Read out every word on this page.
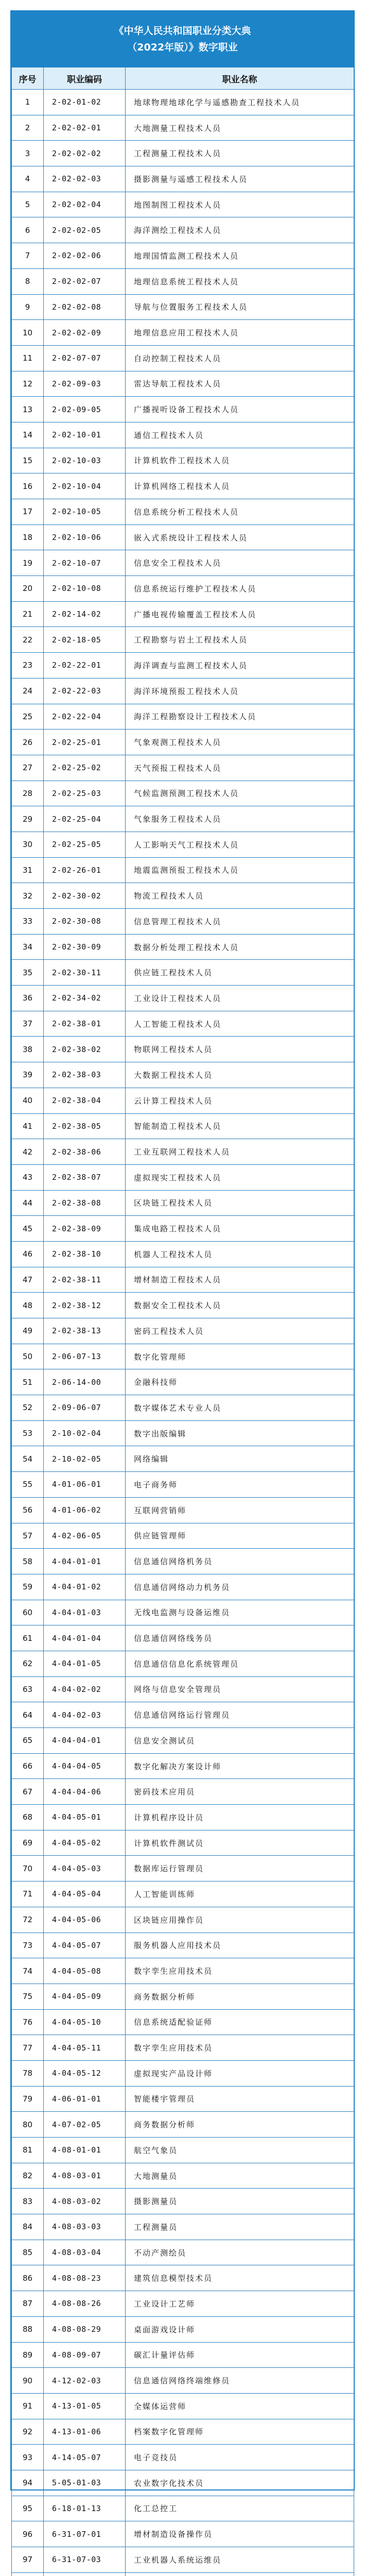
《中华人民共和国职业分类大典
（2022年版）》数字职业
序号	职业编码	职业名称
1	2-02-01-02	地球物理地球化学与遥感勘查工程技术人员
2	2-02-02-01	大地测量工程技术人员
3	2-02-02-02	工程测量工程技术人员
4	2-02-02-03	摄影测量与遥感工程技术人员
5	2-02-02-04	地图制图工程技术人员
6	2-02-02-05	海洋测绘工程技术人员
7	2-02-02-06	地理国情监测工程技术人员
8	2-02-02-07	地理信息系统工程技术人员
9	2-02-02-08	导航与位置服务工程技术人员
10	2-02-02-09	地理信息应用工程技术人员
11	2-02-07-07	自动控制工程技术人员
12	2-02-09-03	雷达导航工程技术人员
13	2-02-09-05	广播视听设备工程技术人员
14	2-02-10-01	通信工程技术人员
15	2-02-10-03	计算机软件工程技术人员
16	2-02-10-04	计算机网络工程技术人员
17	2-02-10-05	信息系统分析工程技术人员
18	2-02-10-06	嵌入式系统设计工程技术人员
19	2-02-10-07	信息安全工程技术人员
20	2-02-10-08	信息系统运行维护工程技术人员
21	2-02-14-02	广播电视传输覆盖工程技术人员
22	2-02-18-05	工程勘察与岩土工程技术人员
23	2-02-22-01	海洋调查与监测工程技术人员
24	2-02-22-03	海洋环境预报工程技术人员
25	2-02-22-04	海洋工程勘察设计工程技术人员
26	2-02-25-01	气象观测工程技术人员
27	2-02-25-02	天气预报工程技术人员
28	2-02-25-03	气候监测预测工程技术人员
29	2-02-25-04	气象服务工程技术人员
30	2-02-25-05	人工影响天气工程技术人员
31	2-02-26-01	地震监测预报工程技术人员
32	2-02-30-02	物流工程技术人员
33	2-02-30-08	信息管理工程技术人员
34	2-02-30-09	数据分析处理工程技术人员
35	2-02-30-11	供应链工程技术人员
36	2-02-34-02	工业设计工程技术人员
37	2-02-38-01	人工智能工程技术人员
38	2-02-38-02	物联网工程技术人员
39	2-02-38-03	大数据工程技术人员
40	2-02-38-04	云计算工程技术人员
41	2-02-38-05	智能制造工程技术人员
42	2-02-38-06	工业互联网工程技术人员
43	2-02-38-07	虚拟现实工程技术人员
44	2-02-38-08	区块链工程技术人员
45	2-02-38-09	集成电路工程技术人员
46	2-02-38-10	机器人工程技术人员
47	2-02-38-11	增材制造工程技术人员
48	2-02-38-12	数据安全工程技术人员
49	2-02-38-13	密码工程技术人员
50	2-06-07-13	数字化管理师
51	2-06-14-00	金融科技师
52	2-09-06-07	数字媒体艺术专业人员
53	2-10-02-04	数字出版编辑
54	2-10-02-05	网络编辑
55	4-01-06-01	电子商务师
56	4-01-06-02	互联网营销师
57	4-02-06-05	供应链管理师
58	4-04-01-01	信息通信网络机务员
59	4-04-01-02	信息通信网络动力机务员
60	4-04-01-03	无线电监测与设备运维员
61	4-04-01-04	信息通信网络线务员
62	4-04-01-05	信息通信信息化系统管理员
63	4-04-02-02	网络与信息安全管理员
64	4-04-02-03	信息通信网络运行管理员
65	4-04-04-01	信息安全测试员
66	4-04-04-05	数字化解决方案设计师
67	4-04-04-06	密码技术应用员
68	4-04-05-01	计算机程序设计员
69	4-04-05-02	计算机软件测试员
70	4-04-05-03	数据库运行管理员
71	4-04-05-04	人工智能训练师
72	4-04-05-06	区块链应用操作员
73	4-04-05-07	服务机器人应用技术员
74	4-04-05-08	数字孪生应用技术员
75	4-04-05-09	商务数据分析师
76	4-04-05-10	信息系统适配验证师
77	4-04-05-11	数字孪生应用技术员
78	4-04-05-12	虚拟现实产品设计师
79	4-06-01-01	智能楼宇管理员
80	4-07-02-05	商务数据分析师
81	4-08-01-01	航空气象员
82	4-08-03-01	大地测量员
83	4-08-03-02	摄影测量员
84	4-08-03-03	工程测量员
85	4-08-03-04	不动产测绘员
86	4-08-08-23	建筑信息模型技术员
87	4-08-08-26	工业设计工艺师
88	4-08-08-29	桌面游戏设计师
89	4-08-09-07	碳汇计量评估师
90	4-12-02-03	信息通信网络终端维修员
91	4-13-01-05	全媒体运营师
92	4-13-01-06	档案数字化管理师
93	4-14-05-07	电子竞技员
94	5-05-01-03	农业数字化技术员
95	6-18-01-13	化工总控工
96	6-31-07-01	增材制造设备操作员
97	6-31-07-03	工业机器人系统运维员
